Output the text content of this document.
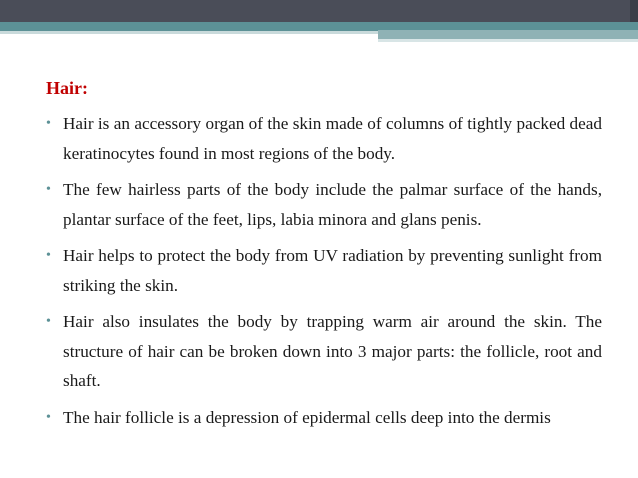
Hair:
• Hair is an accessory organ of the skin made of columns of tightly packed dead keratinocytes found in most regions of the body.
• The few hairless parts of the body include the palmar surface of the hands, plantar surface of the feet, lips, labia minora and glans penis.
• Hair helps to protect the body from UV radiation by preventing sunlight from striking the skin.
• Hair also insulates the body by trapping warm air around the skin. The structure of hair can be broken down into 3 major parts: the follicle, root and shaft.
• The hair follicle is a depression of epidermal cells deep into the dermis
